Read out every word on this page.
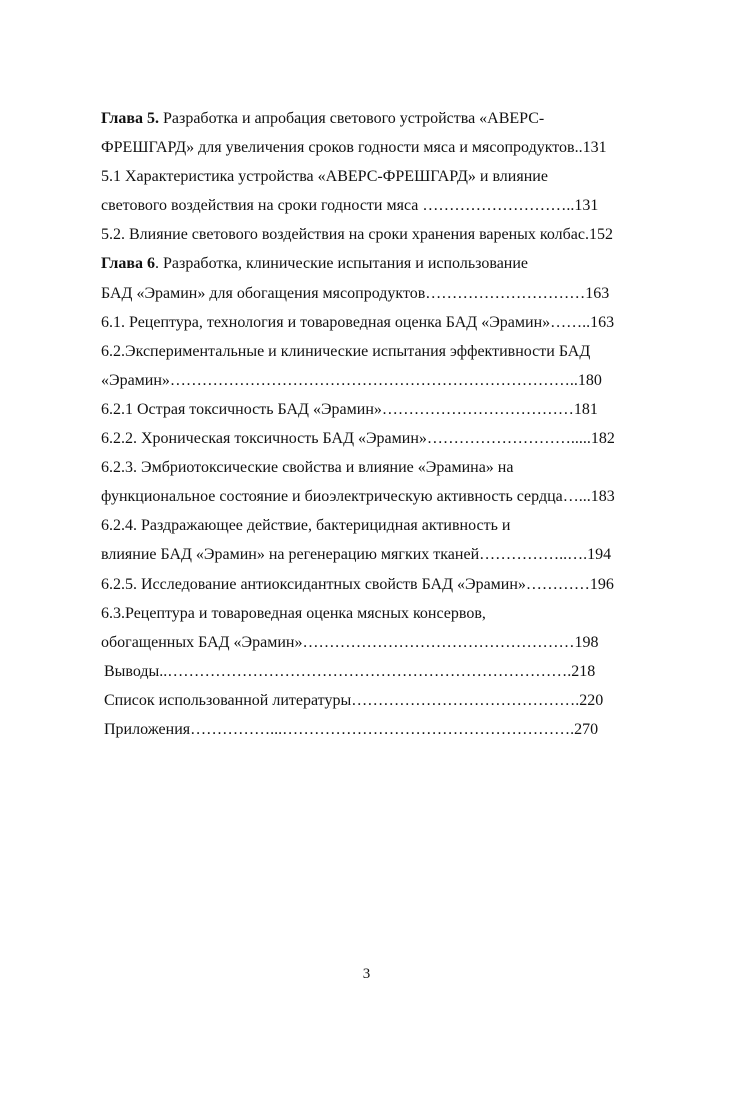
Глава 5. Разработка и апробация светового устройства «АВЕРС-
ФРЕШГАРД» для увеличения сроков годности мяса и мясопродуктов..131
5.1 Характеристика устройства «АВЕРС-ФРЕШГАРД» и влияние
светового воздействия на сроки годности мяса ………………………..131
5.2. Влияние светового воздействия на сроки хранения вареных колбас.152
Глава 6. Разработка, клинические испытания и использование
БАД «Эрамин» для обогащения мясопродуктов…………………………163
6.1. Рецептура, технология и товароведная оценка БАД «Эрамин»……..163
6.2.Экспериментальные и клинические испытания эффективности БАД
«Эрамин»…………………………………………………………………..180
6.2.1 Острая токсичность БАД «Эрамин»………………………………181
6.2.2. Хроническая токсичность БАД «Эрамин»……………………….....182
6.2.3. Эмбриотоксические свойства и влияние «Эрамина» на
функциональное состояние и биоэлектрическую активность сердца…...183
6.2.4. Раздражающее действие, бактерицидная активность и
влияние БАД «Эрамин» на регенерацию мягких тканей……………..….194
6.2.5. Исследование антиоксидантных свойств БАД «Эрамин»…………196
6.3.Рецептура и товароведная оценка мясных консервов,
обогащенных БАД «Эрамин»……………………………………………198
Выводы..………………………………………………………………….218
Список использованной литературы…………………………………….220
Приложения……………...……………………………………………….270
3
